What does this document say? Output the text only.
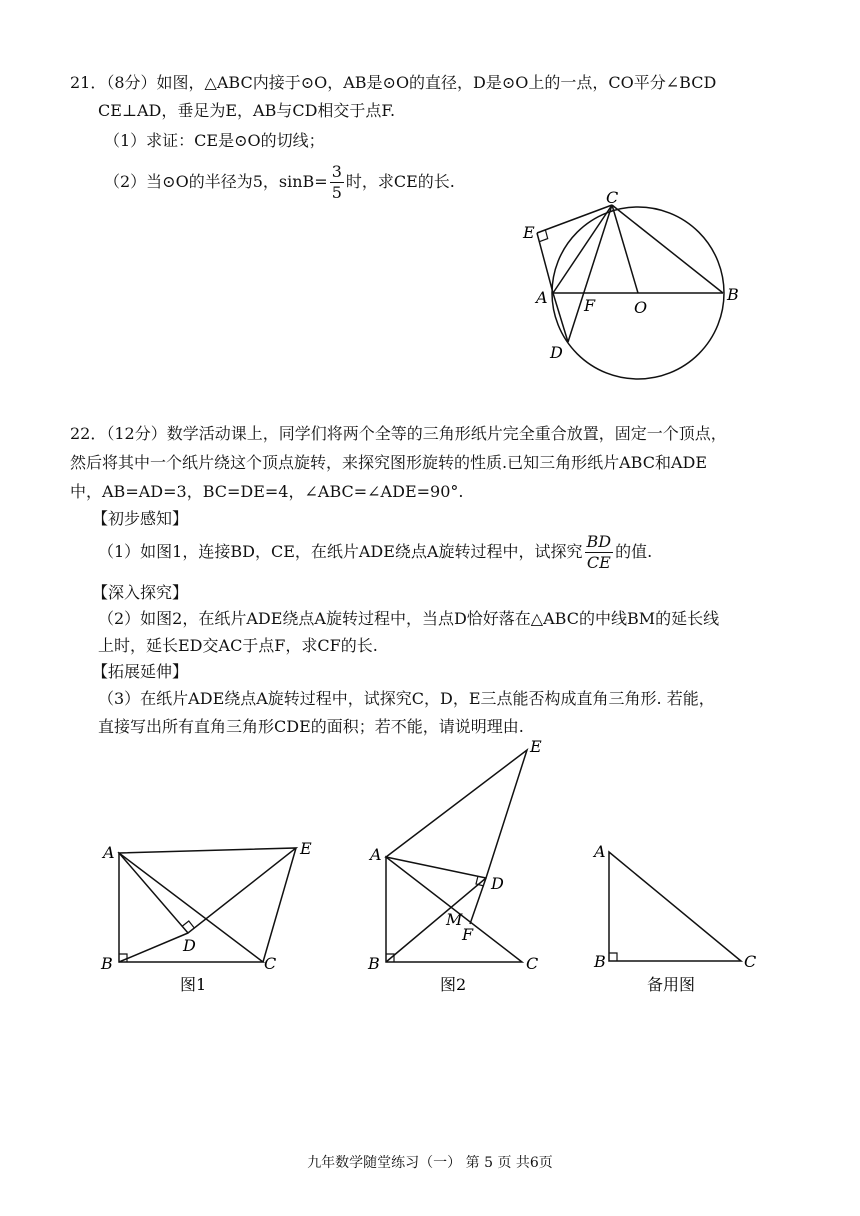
21．（8分）如图，△ABC内接于⊙O，AB是⊙O的直径，D是⊙O上的一点，CO平分∠BCD
CE⊥AD，垂足为E，AB与CD相交于点F.
（1）求证：CE是⊙O的切线；
（2）当⊙O的半径为5，$\sin B= \frac{3}{5}$ 时，求CE的长.
C
E
A F O
B
D
22．（12分）数学活动课上，同学们将两个全等的三角形纸片完全重合放置，固定一个顶点，
然后将其中一个纸片绕这个顶点旋转，来探究图形旋转的性质.已知三角形纸片ABC和ADE
中，AB=AD=3，BC=DE=4，∠ABC=∠ADE=90°.
【初步感知】
（1）如图1，连接BD，CE，在纸片ADE绕点A旋转过程中，试探究 $\frac{BD}{CE}$ 的值.
【深入探究】
（2）如图2，在纸片ADE绕点A旋转过程中，当点D恰好落在△ABC的中线BM的延长线
上时，延长ED交AC于点F，求CF的长.
【拓展延伸】
（3）在纸片ADE绕点A旋转过程中，试探究C，D，E三点能否构成直角三角形. 若能，
直接写出所有直角三角形CDE的面积；若不能，请说明理由.
A
B	C
D
E
图1
A
B	C
D
E
M
F
图2
A
B	C
备用图
九年数学随堂练习（一） 第 5 页 共6页
